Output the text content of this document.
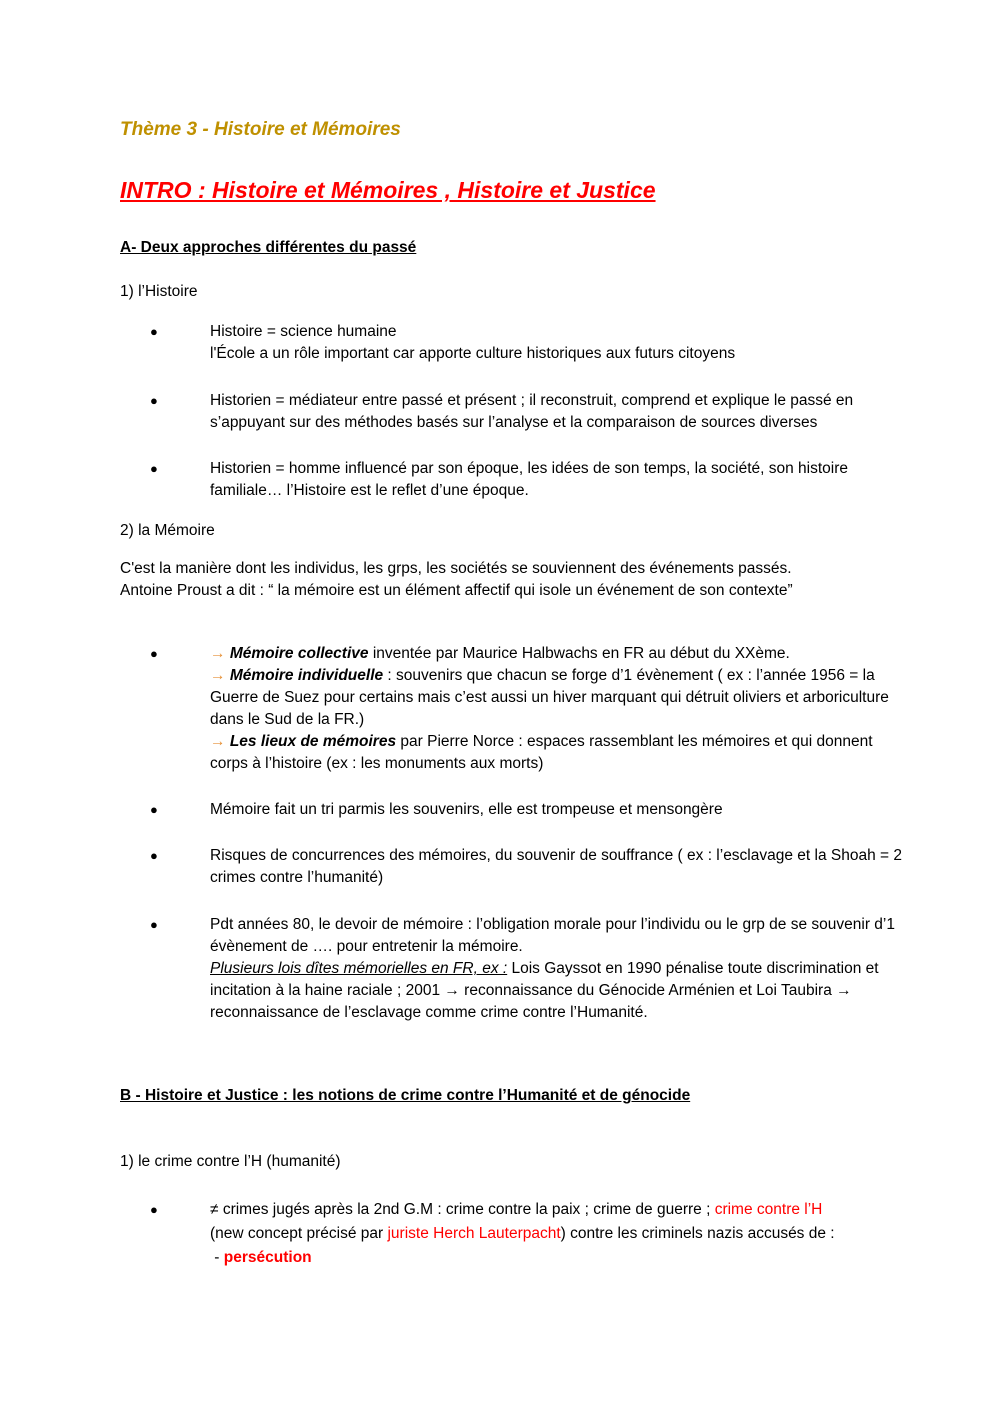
Thème 3 - Histoire et Mémoires
INTRO : Histoire et Mémoires , Histoire et Justice
A- Deux approches différentes du passé
1) l’Histoire
●	Histoire = science humaine
l'École a un rôle important car apporte culture historiques aux futurs citoyens
●	Historien = médiateur entre passé et présent ; il reconstruit, comprend et explique le passé en s’appuyant sur des méthodes basés sur l’analyse et la comparaison de sources diverses
●	Historien = homme influencé par son époque, les idées de son temps, la société, son histoire familiale… l’Histoire est le reflet d’une époque.
2) la Mémoire
C'est la manière dont les individus, les grps, les sociétés se souviennent des événements passés.
Antoine Proust a dit : “ la mémoire est un élément affectif qui isole un événement de son contexte”
●	→ Mémoire collective inventée par Maurice Halbwachs en FR au début du XXème.
→ Mémoire individuelle : souvenirs que chacun se forge d’1 évènement ( ex : l’année 1956 = la Guerre de Suez pour certains mais c’est aussi un hiver marquant qui détruit oliviers et arboriculture dans le Sud de la FR.)
→ Les lieux de mémoires par Pierre Norce : espaces rassemblant les mémoires et qui donnent corps à l’histoire (ex : les monuments aux morts)
●	Mémoire fait un tri parmis les souvenirs, elle est trompeuse et mensongère
●	Risques de concurrences des mémoires, du souvenir de souffrance ( ex : l’esclavage et la Shoah = 2 crimes contre l’humanité)
●	Pdt années 80, le devoir de mémoire : l’obligation morale pour l’individu ou le grp de se souvenir d’1 évènement de …. pour entretenir la mémoire.
Plusieurs lois dîtes mémorielles en FR, ex : Lois Gayssot en 1990 pénalise toute discrimination et incitation à la haine raciale ; 2001 → reconnaissance du Génocide Arménien et Loi Taubira → reconnaissance de l’esclavage comme crime contre l’Humanité.
B - Histoire et Justice : les notions de crime contre l’Humanité et de génocide
1) le crime contre l’H (humanité)
●	≠ crimes jugés après la 2nd G.M : crime contre la paix ; crime de guerre ; crime contre l’H
(new concept précisé par juriste Herch Lauterpacht) contre les criminels nazis accusés de :
- persécution
